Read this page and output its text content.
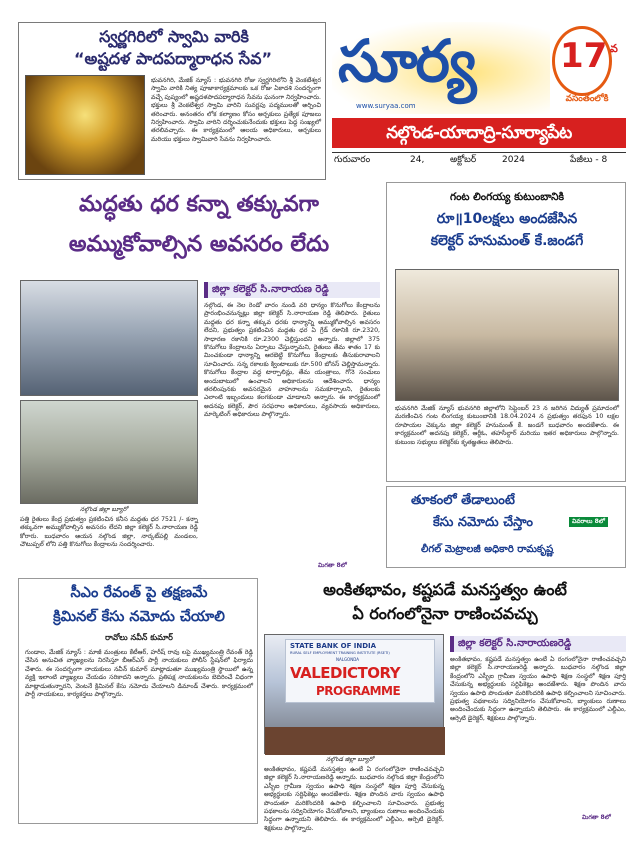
స్వర్ణగిరిలో స్వామి వారికి
“అష్టదళ పాదపద్మారాధన సేవ”
భువనగిరి, మేజిక్ న్యూస్ : భువనగిరి రోజు స్వర్ణగిరిలోని శ్రీ వెంకటేశ్వర స్వామి వారికి నిత్య పూజాకార్యక్రమాలకు ఒక రోజు ఏకాదశి సందర్భంగా వచ్చే పుష్యంలో అష్టదళపాదపద్మారాధన సేవను ఘనంగా నిర్వహించారు. భక్తులు శ్రీ వెంకటేశ్వర స్వామి వారిని సువర్ణపు పద్మములతో అర్చించి తరించారు. అనంతరం లోక కల్యాణం కోసం అర్చకులు ప్రత్యేక పూజలు నిర్వహించారు. స్వామి వారిని దర్శించుకునేందుకు భక్తులు పెద్ద సంఖ్యలో తరలివచ్చారు. ఈ కార్యక్రమంలో ఆలయ అధికారులు, అర్చకులు మరియు భక్తులు స్వామివారి సేవను నిర్వహించారు.
సూర్య
www.suryaa.com
17 వ
వసంతంలోకి
నల్గొండ-యాదాద్రి-సూర్యాపేట
గురువారం	24,	అక్టోబర్	2024	పేజీలు - 8
మద్ధతు ధర కన్నా తక్కువగా
అమ్ముకోవాల్సిన అవసరం లేదు
నల్గొండ జిల్లా బ్యూరో
జిల్లా కలెక్టర్ సి.నారాయణ రెడ్డి
నల్గొండ, ఈ నెల రెండో వారం నుండి వరి ధాన్యం కొనుగోలు కేంద్రాలను ప్రారంభించనున్నట్లు జిల్లా కలెక్టర్ సి.నారాయణ రెడ్డి తెలిపారు. రైతులు మద్దతు ధర కన్నా తక్కువ ధరకు ధాన్యాన్ని అమ్ముకోవాల్సిన అవసరం లేదని, ప్రభుత్వం ప్రకటించిన మద్దతు ధర ఏ గ్రేడ్ రకానికి రూ.2320, సాధారణ రకానికి రూ.2300 చెల్లిస్తుందని అన్నారు. జిల్లాలో 375 కొనుగోలు కేంద్రాలను ఏర్పాటు చేస్తున్నామని, రైతులు తేమ శాతం 17 కు మించకుండా ధాన్యాన్ని ఆరబెట్టి కొనుగోలు కేంద్రాలకు తీసుకురావాలని సూచించారు. సన్న రకాలకు క్వింటాలుకు రూ.500 బోనస్ చెల్లిస్తామన్నారు. కొనుగోలు కేంద్రాల వద్ద టార్పాలిన్లు, తేమ యంత్రాలు, గోనె సంచులు అందుబాటులో ఉంచాలని అధికారులను ఆదేశించారు. ధాన్యం తరలింపునకు అవసరమైన వాహనాలను సమకూర్చాలని, రైతులకు ఎలాంటి ఇబ్బందులు కలగకుండా చూడాలని అన్నారు. ఈ కార్యక్రమంలో అదనపు కలెక్టర్, పౌర సరఫరాల అధికారులు, వ్యవసాయ అధికారులు, మార్కెటింగ్ అధికారులు పాల్గొన్నారు.
పత్తి రైతులు కేంద్ర ప్రభుత్వం ప్రకటించిన కనీస మద్దతు ధర 7521 /- కన్నా తక్కువగా అమ్ముకోవాల్సిన అవసరం లేదని జిల్లా కలెక్టర్ సి.నారాయణ రెడ్డి కోరారు. బుధవారం ఆయన నల్గొండ జిల్లా, నార్కట్‌పల్లి మండలం, చౌటుప్పల్ లోని పత్తి కొనుగోలు కేంద్రాలను సందర్శించారు.
మిగతా 8లో
గంట లింగయ్య కుటుంబానికి
రూ॥10లక్షలు అందజేసిన
కలెక్టర్ హనుమంత్ కే.జండగే
భువనగిరి మేజిక్ న్యూస్ భువనగిరి జిల్లాలోని సెప్టెంబర్ 23 న జరిగిన విద్యుత్ ప్రమాదంలో మరణించిన గంట లింగయ్య కుటుంబానికి 18.04.2024 న ప్రభుత్వం తరఫున 10 లక్షల రూపాయల చెక్కును జిల్లా కలెక్టర్ హనుమంత్ కే. జండగే బుధవారం అందజేశారు. ఈ కార్యక్రమంలో అదనపు కలెక్టర్, ఆర్డీఓ, తహసీల్దార్ మరియు ఇతర అధికారులు పాల్గొన్నారు. కుటుంబ సభ్యులు కలెక్టర్‌కు కృతజ్ఞతలు తెలిపారు.
తూకంలో తేడాలుంటే
వివరాలు 8లో
కేసు నమోదు చేస్తాం
లీగల్ మెట్రాలజీ అధికారి రామకృష్ణ
సీఎం రేవంత్ పై తక్షణమే
క్రిమినల్ కేసు నమోదు చేయాలి
రావోలు నవీన్ కుమార్
గుండాల, మేజిక్ న్యూస్ : మాజీ మంత్రులు కేటీఆర్, హరీష్ రావు లపై ముఖ్యమంత్రి రేవంత్ రెడ్డి చేసిన అనుచిత వ్యాఖ్యలను నిరసిస్తూ బీఆర్ఎస్ పార్టీ నాయకులు పోలీస్ స్టేషన్‌లో ఫిర్యాదు చేశారు. ఈ సందర్భంగా నాయకులు నవీన్ కుమార్ మాట్లాడుతూ ముఖ్యమంత్రి స్థాయిలో ఉన్న వ్యక్తి ఇలాంటి వ్యాఖ్యలు చేయడం సరికాదని అన్నారు. ప్రతిపక్ష నాయకులను బెదిరించే విధంగా మాట్లాడుతున్నారని, వెంటనే క్రిమినల్ కేసు నమోదు చేయాలని డిమాండ్ చేశారు. కార్యక్రమంలో పార్టీ నాయకులు, కార్యకర్తలు పాల్గొన్నారు.
అంకితభావం, కష్టపడే మనస్తత్వం ఉంటే
ఏ రంగంలోనైనా రాణించవచ్చు
STATE BANK OF INDIA
RURAL SELF EMPLOYMENT TRAINING INSTITUTE (RSETI)
NALGONDA
VALEDICTORY
PROGRAMME
నల్గొండ జిల్లా బ్యూరో
అంకితభావం, కష్టపడే మనస్తత్వం ఉంటే ఏ రంగంలోనైనా రాణించవచ్చని జిల్లా కలెక్టర్ సి.నారాయణరెడ్డి అన్నారు. బుధవారం నల్గొండ జిల్లా కేంద్రంలోని ఎస్బీఐ గ్రామీణ స్వయం ఉపాధి శిక్షణ సంస్థలో శిక్షణ పూర్తి చేసుకున్న అభ్యర్థులకు సర్టిఫికెట్లు అందజేశారు. శిక్షణ పొందిన వారు స్వయం ఉపాధి పొందుతూ మరికొందరికి ఉపాధి కల్పించాలని సూచించారు. ప్రభుత్వ పథకాలను సద్వినియోగం చేసుకోవాలని, బ్యాంకులు రుణాలు అందించేందుకు సిద్ధంగా ఉన్నాయని తెలిపారు. ఈ కార్యక్రమంలో ఎల్డీఎం, ఆర్సెటి డైరెక్టర్, శిక్షకులు పాల్గొన్నారు.
జిల్లా కలెక్టర్ సి.నారాయణరెడ్డి
అంకితభావం, కష్టపడే మనస్తత్వం ఉంటే ఏ రంగంలోనైనా రాణించవచ్చని జిల్లా కలెక్టర్ సి.నారాయణరెడ్డి అన్నారు. బుధవారం నల్గొండ జిల్లా కేంద్రంలోని ఎస్బీఐ గ్రామీణ స్వయం ఉపాధి శిక్షణ సంస్థలో శిక్షణ పూర్తి చేసుకున్న అభ్యర్థులకు సర్టిఫికెట్లు అందజేశారు. శిక్షణ పొందిన వారు స్వయం ఉపాధి పొందుతూ మరికొందరికి ఉపాధి కల్పించాలని సూచించారు. ప్రభుత్వ పథకాలను సద్వినియోగం చేసుకోవాలని, బ్యాంకులు రుణాలు అందించేందుకు సిద్ధంగా ఉన్నాయని తెలిపారు. ఈ కార్యక్రమంలో ఎల్డీఎం, ఆర్సెటి డైరెక్టర్, శిక్షకులు పాల్గొన్నారు.
మిగతా 8లో
